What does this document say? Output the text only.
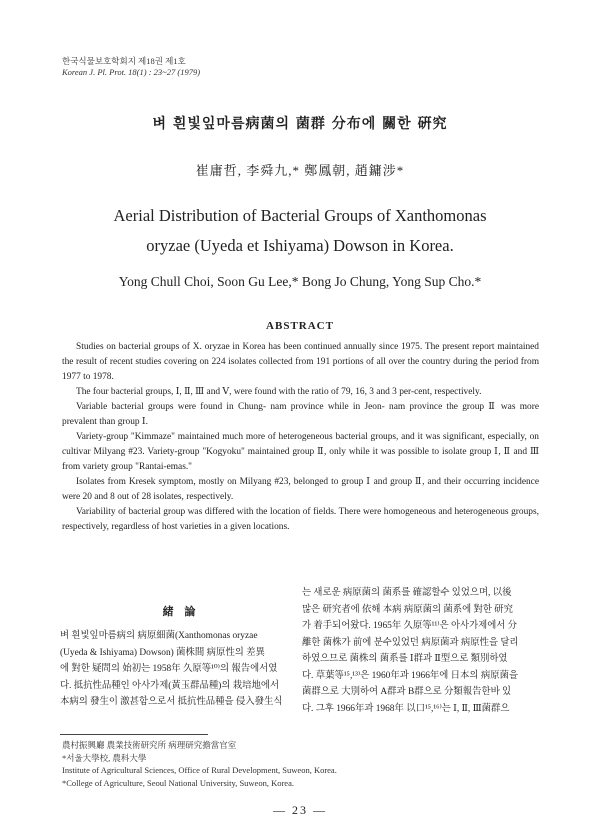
한국식물보호학회지 제18권 제1호
Korean J. Pl. Prot. 18(1) : 23~27 (1979)
벼 흰빛잎마름病菌의 菌群 分布에 關한 硏究
崔庸哲, 李舜九,* 鄭鳳朝, 趙鏞涉*
Aerial Distribution of Bacterial Groups of Xanthomonas
oryzae (Uyeda et Ishiyama) Dowson in Korea.
Yong Chull Choi, Soon Gu Lee,* Bong Jo Chung, Yong Sup Cho.*
ABSTRACT

Studies on bacterial groups of X. oryzae in Korea has been continued annually since 1975. The present report maintained the result of recent studies covering on 224 isolates collected from 191 portions of all over the country during the period from 1977 to 1978.

The four bacterial groups, Ⅰ, Ⅱ, Ⅲ and Ⅴ, were found with the ratio of 79, 16, 3 and 3 per-cent, respectively.

Variable bacterial groups were found in Chung- nam province while in Jeon- nam province the group Ⅱ was more prevalent than group Ⅰ.

Variety-group "Kimmaze" maintained much more of heterogeneous bacterial groups, and it was significant, especially, on cultivar Milyang #23. Variety-group "Kogyoku" maintained group Ⅱ, only while it was possible to isolate group Ⅰ, Ⅱ and Ⅲ from variety group "Rantai-emas."

Isolates from Kresek symptom, mostly on Milyang #23, belonged to group Ⅰ and group Ⅱ, and their occurring incidence were 20 and 8 out of 28 isolates, respectively.

Variability of bacterial group was differed with the location of fields. There were homogeneous and heterogeneous groups, respectively, regardless of host varieties in a given locations.

緒 論

벼 흰빛잎마름病의 病原細菌(Xanthomonas oryzae

(Uyeda & Ishiyama) Dowson) 菌株間 病原性의 差異

에 對한 疑問의 始初는 1958年 久原等¹⁰⁾의 報告에서였

다. 抵抗性品種인 아사가제(黃玉群品種)의 栽培地에서

本病의 發生이 激甚함으로서 抵抗性品種을 侵入發生식

는 새로운 病原菌의 菌系를 確認할수 있었으며, 以後

많은 研究者에 依해 本病 病原菌의 菌系에 對한 研究

가 着手되어왔다. 1965年 久原等¹¹⁾은 아사가제에서 分

離한 菌株가 前에 분수있었던 病原菌과 病原性을 달리

하였으므로 菌株의 菌系를 Ⅰ群과 Ⅱ型으로 類別하였

다. 草葉等¹⁵,¹³⁾은 1960年과 1966年에 日本의 病原菌을

菌群으로 大別하여 A群과 B群으로 分類報告한바 있

다. 그후 1966年과 1968年 以口¹⁵,¹⁶⁾는 Ⅰ, Ⅱ, Ⅲ菌群으

農村振興廳 農業技術研究所 病理研究擔當官室
*서울大學校, 農科大學
Institute of Agricultural Sciences, Office of Rural Development, Suweon, Korea.
*College of Agriculture, Seoul National University, Suweon, Korea.
— 23 —
